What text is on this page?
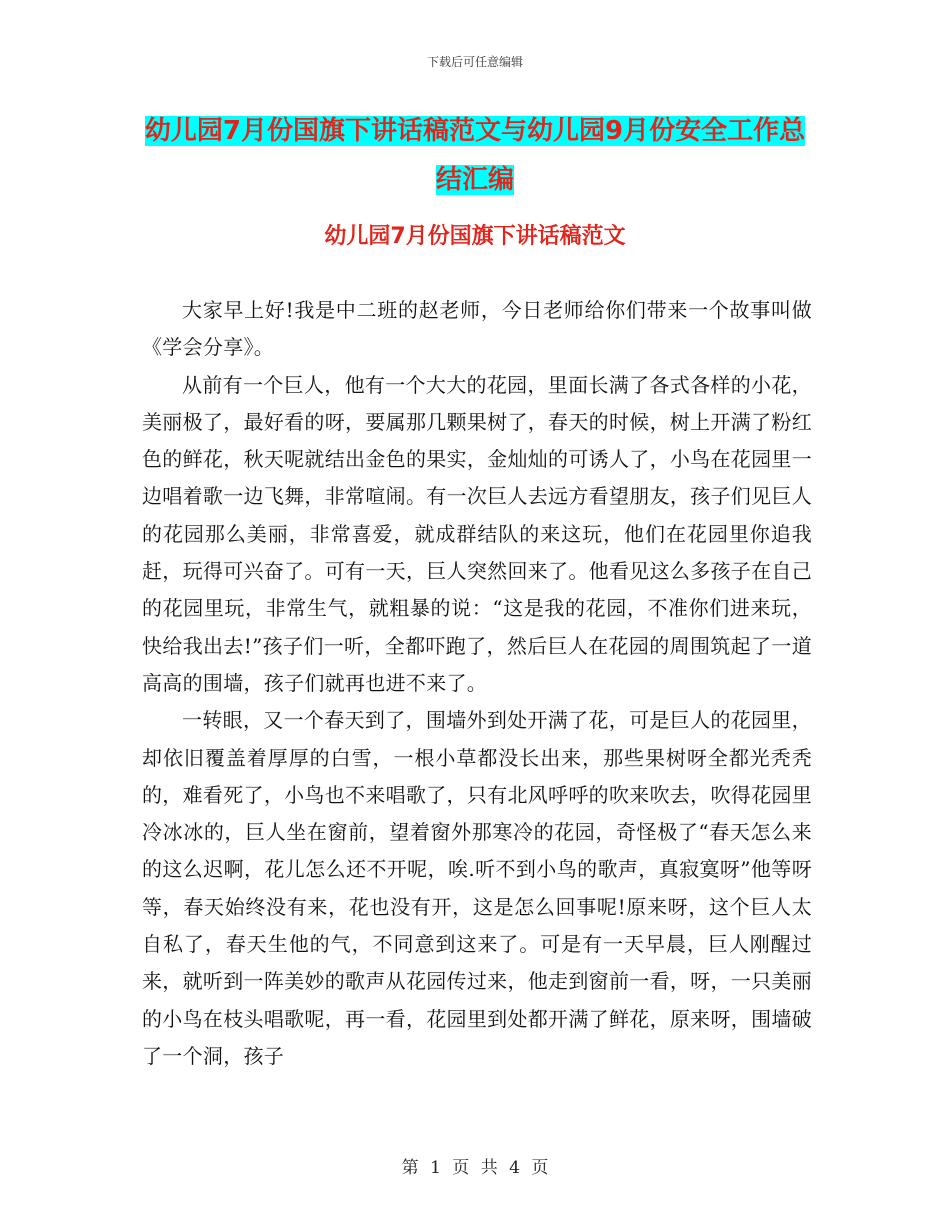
下载后可任意编辑
幼儿园7月份国旗下讲话稿范文与幼儿园9月份安全工作总结汇编
幼儿园7月份国旗下讲话稿范文

大家早上好!我是中二班的赵老师，今日老师给你们带来一个故事叫做《学会分享》。

从前有一个巨人，他有一个大大的花园，里面长满了各式各样的小花，美丽极了，最好看的呀，要属那几颗果树了，春天的时候，树上开满了粉红色的鲜花，秋天呢就结出金色的果实，金灿灿的可诱人了，小鸟在花园里一边唱着歌一边飞舞，非常喧闹。有一次巨人去远方看望朋友，孩子们见巨人的花园那么美丽，非常喜爱，就成群结队的来这玩，他们在花园里你追我赶，玩得可兴奋了。可有一天，巨人突然回来了。他看见这么多孩子在自己的花园里玩，非常生气，就粗暴的说：“这是我的花园，不准你们进来玩，快给我出去!”孩子们一听，全都吓跑了，然后巨人在花园的周围筑起了一道高高的围墙，孩子们就再也进不来了。

一转眼，又一个春天到了，围墙外到处开满了花，可是巨人的花园里，却依旧覆盖着厚厚的白雪，一根小草都没长出来，那些果树呀全都光秃秃的，难看死了，小鸟也不来唱歌了，只有北风呼呼的吹来吹去，吹得花园里冷冰冰的，巨人坐在窗前，望着窗外那寒冷的花园，奇怪极了“春天怎么来的这么迟啊，花儿怎么还不开呢，唉.听不到小鸟的歌声，真寂寞呀”他等呀等，春天始终没有来，花也没有开，这是怎么回事呢!原来呀，这个巨人太自私了，春天生他的气，不同意到这来了。可是有一天早晨，巨人刚醒过来，就听到一阵美妙的歌声从花园传过来，他走到窗前一看，呀，一只美丽的小鸟在枝头唱歌呢，再一看，花园里到处都开满了鲜花，原来呀，围墙破了一个洞，孩子

第 1 页 共 4 页
